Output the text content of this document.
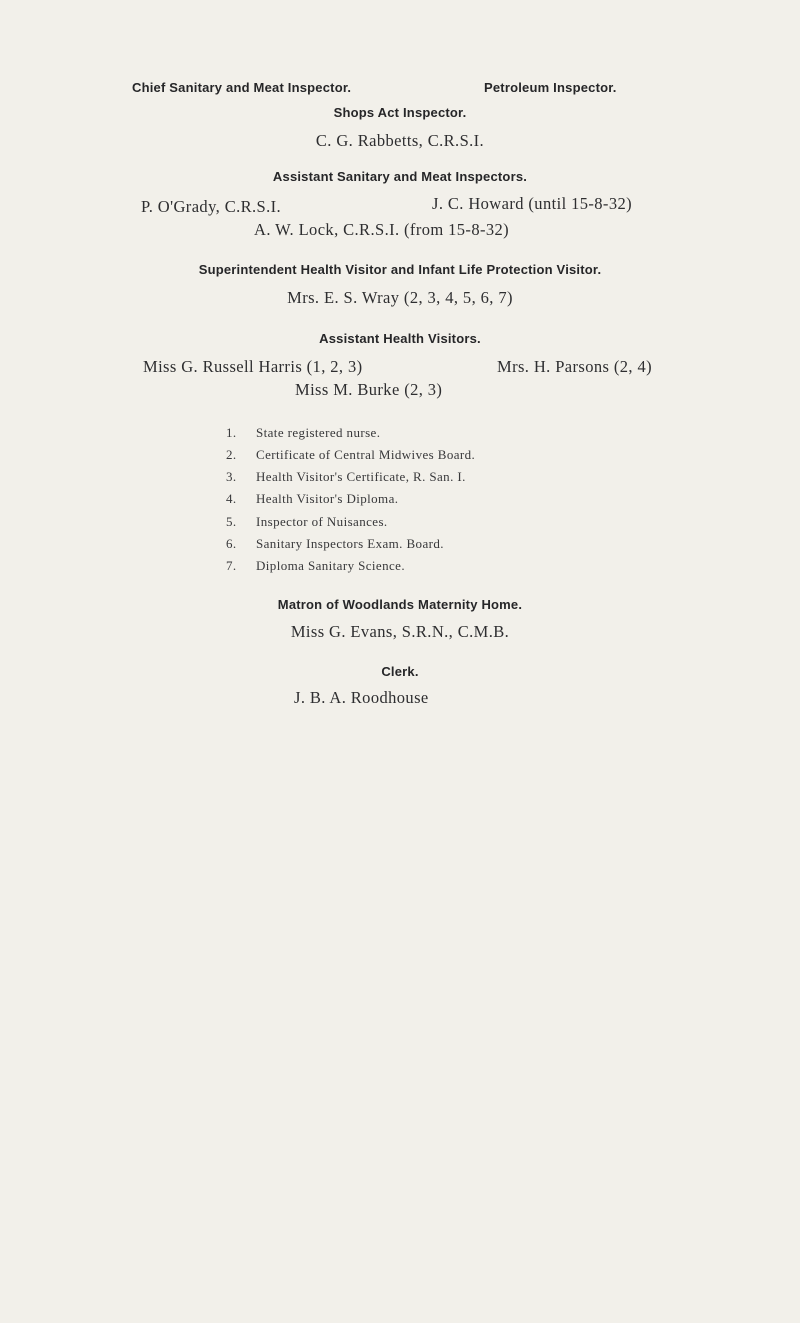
Chief Sanitary and Meat Inspector.	Petroleum Inspector.
Shops Act Inspector.
C. G. Rabbetts, C.R.S.I.
Assistant Sanitary and Meat Inspectors.
P. O'Grady, C.R.S.I.	J. C. Howard (until 15-8-32)
A. W. Lock, C.R.S.I. (from 15-8-32)
Superintendent Health Visitor and Infant Life Protection Visitor.
Mrs. E. S. Wray (2, 3, 4, 5, 6, 7)
Assistant Health Visitors.
Miss G. Russell Harris (1, 2, 3)	Mrs. H. Parsons (2, 4)
Miss M. Burke (2, 3)
1. State registered nurse.
2. Certificate of Central Midwives Board.
3. Health Visitor's Certificate, R. San. I.
4. Health Visitor's Diploma.
5. Inspector of Nuisances.
6. Sanitary Inspectors Exam. Board.
7. Diploma Sanitary Science.
Matron of Woodlands Maternity Home.
Miss G. Evans, S.R.N., C.M.B.
Clerk.
J. B. A. Roodhouse
